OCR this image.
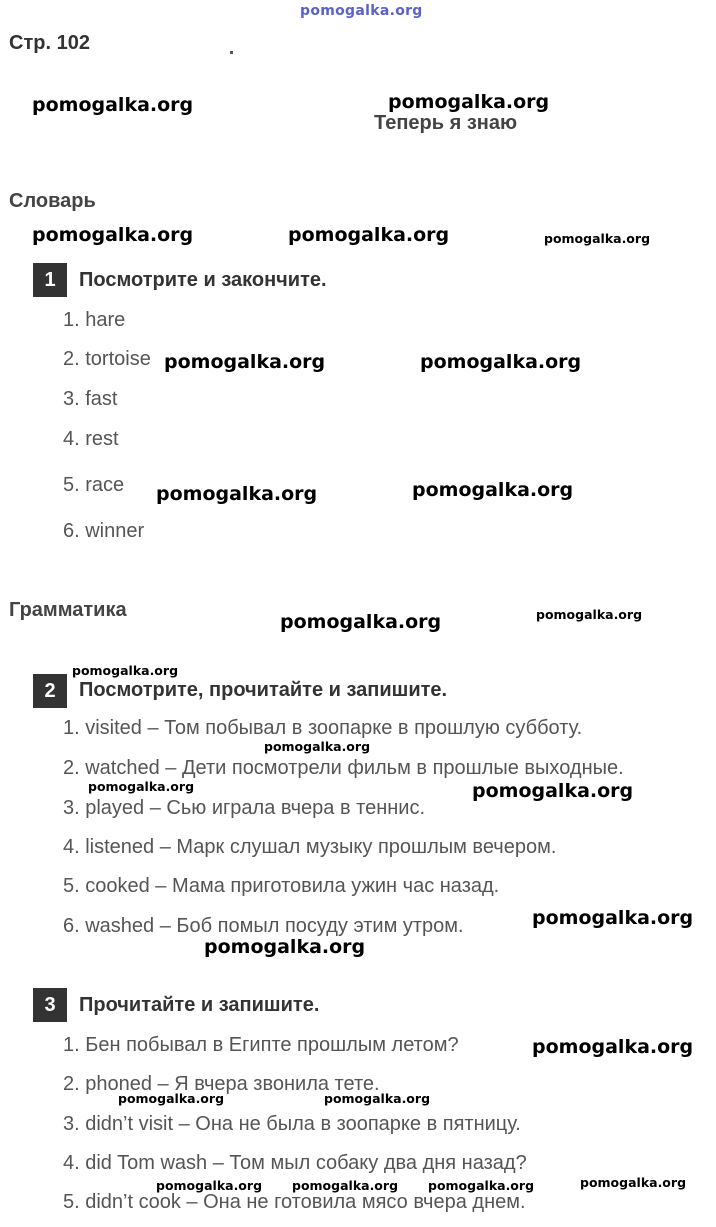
pomogalka.org
Стр. 102
pomogalka.org	pomogalka.org
Теперь я знаю
Словарь
pomogalka.org	pomogalka.org	pomogalka.org
1	Посмотрите и закончите.
1. hare
2. tortoise pomogalka.org	pomogalka.org
3. fast
4. rest
5. race pomogalka.org	pomogalka.org
6. winner
Грамматика
pomogalka.org	pomogalka.org
pomogalka.org
2	Посмотрите, прочитайте и запишите.
1. visited – Том побывал в зоопарке в прошлую субботу.
pomogalka.org
2. watched – Дети посмотрели фильм в прошлые выходные.
pomogalka.org	pomogalka.org
3. played – Сью играла вчера в теннис.
4. listened – Марк слушал музыку прошлым вечером.
5. cooked – Мама приготовила ужин час назад.
pomogalka.org
6. washed – Боб помыл посуду этим утром.
pomogalka.org
3	Прочитайте и запишите.
1. Бен побывал в Египте прошлым летом?	pomogalka.org
2. phoned – Я вчера звонила тете.
pomogalka.org	pomogalka.org
3. didn’t visit – Она не была в зоопарке в пятницу.
4. did Tom wash – Том мыл собаку два дня назад?
pomogalka.org pomogalka.org pomogalka.org	pomogalka.org
5. didn’t cook – Она не готовила мясо вчера днем.
